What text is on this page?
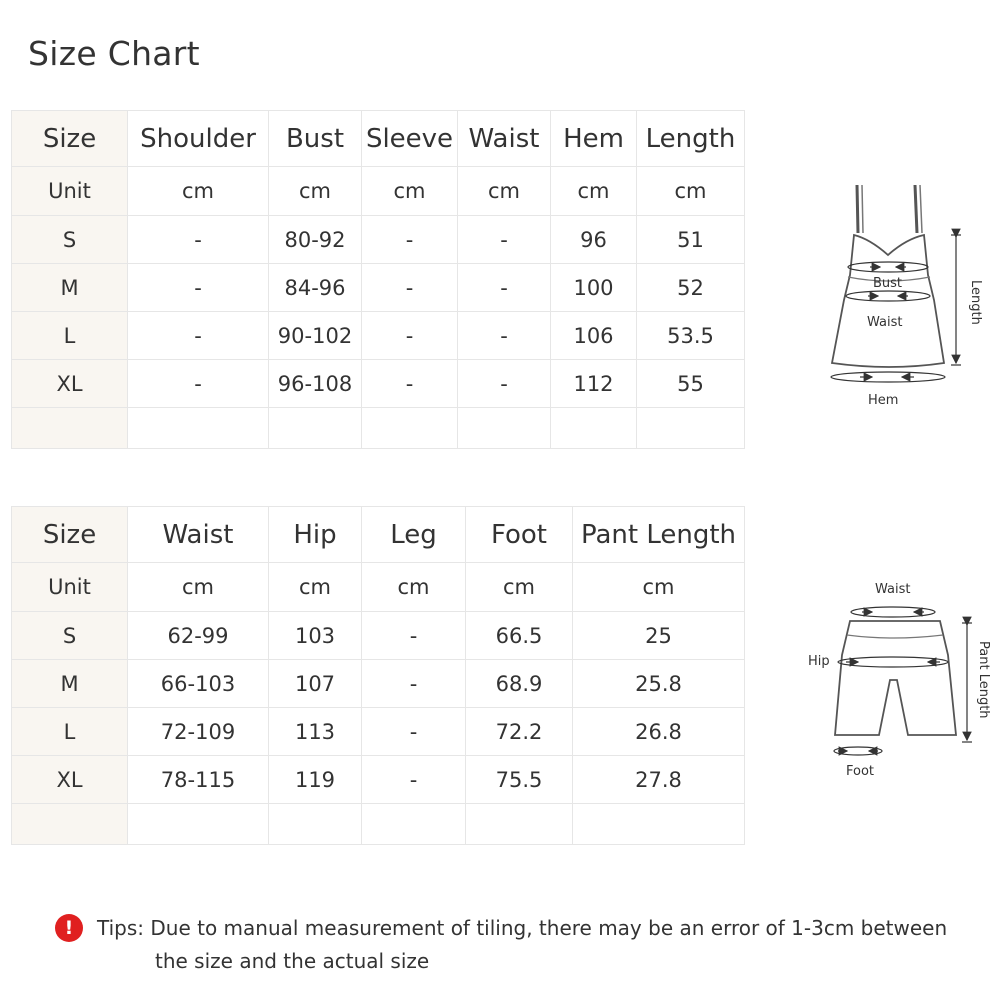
Size Chart
Size	Shoulder	Bust	Sleeve	Waist	Hem	Length
Unit	cm	cm	cm	cm	cm	cm
S	-	80-92	-	-	96	51
M	-	84-96	-	-	100	52
L	-	90-102	-	-	106	53.5
XL	-	96-108	-	-	112	55

Size	Waist	Hip	Leg	Foot	Pant Length
Unit	cm	cm	cm	cm	cm
S	62-99	103	-	66.5	25
M	66-103	107	-	68.9	25.8
L	72-109	113	-	72.2	26.8
XL	78-115	119	-	75.5	27.8

Bust
Waist
Hem
Length
Waist
Hip
Foot
Pant Length
!	Tips: Due to manual measurement of tiling, there may be an error of 1-3cm between
the size and the actual size
